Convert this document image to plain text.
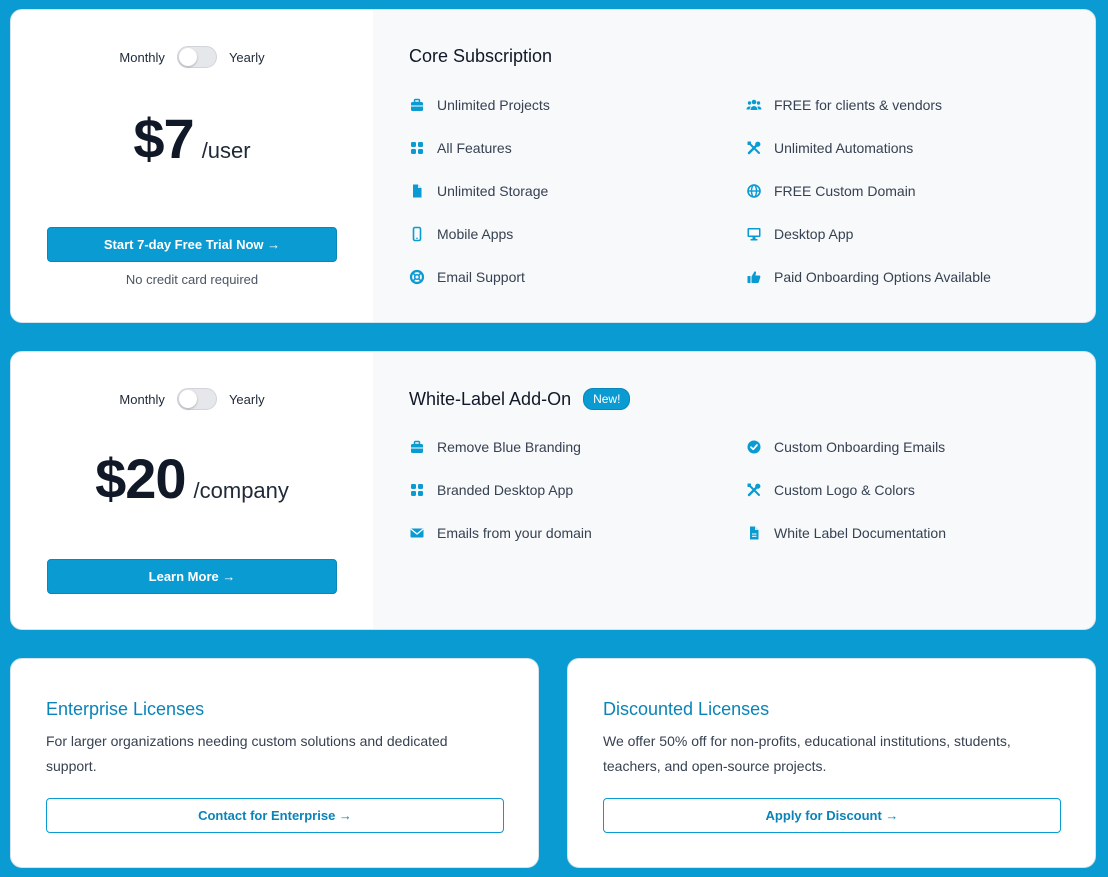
Monthly	Yearly
$7 /user
Start 7-day Free Trial Now →
No credit card required
Core Subscription
Unlimited Projects	FREE for clients & vendors
All Features	Unlimited Automations
Unlimited Storage	FREE Custom Domain
Mobile Apps	Desktop App
Email Support	Paid Onboarding Options Available
Monthly	Yearly
$20 /company
Learn More →
White-Label Add-On	New!
Remove Blue Branding	Custom Onboarding Emails
Branded Desktop App	Custom Logo & Colors
Emails from your domain	White Label Documentation
Enterprise Licenses
For larger organizations needing custom solutions and dedicated support.
Contact for Enterprise →
Discounted Licenses
We offer 50% off for non-profits, educational institutions, students, teachers, and open-source projects.
Apply for Discount →
